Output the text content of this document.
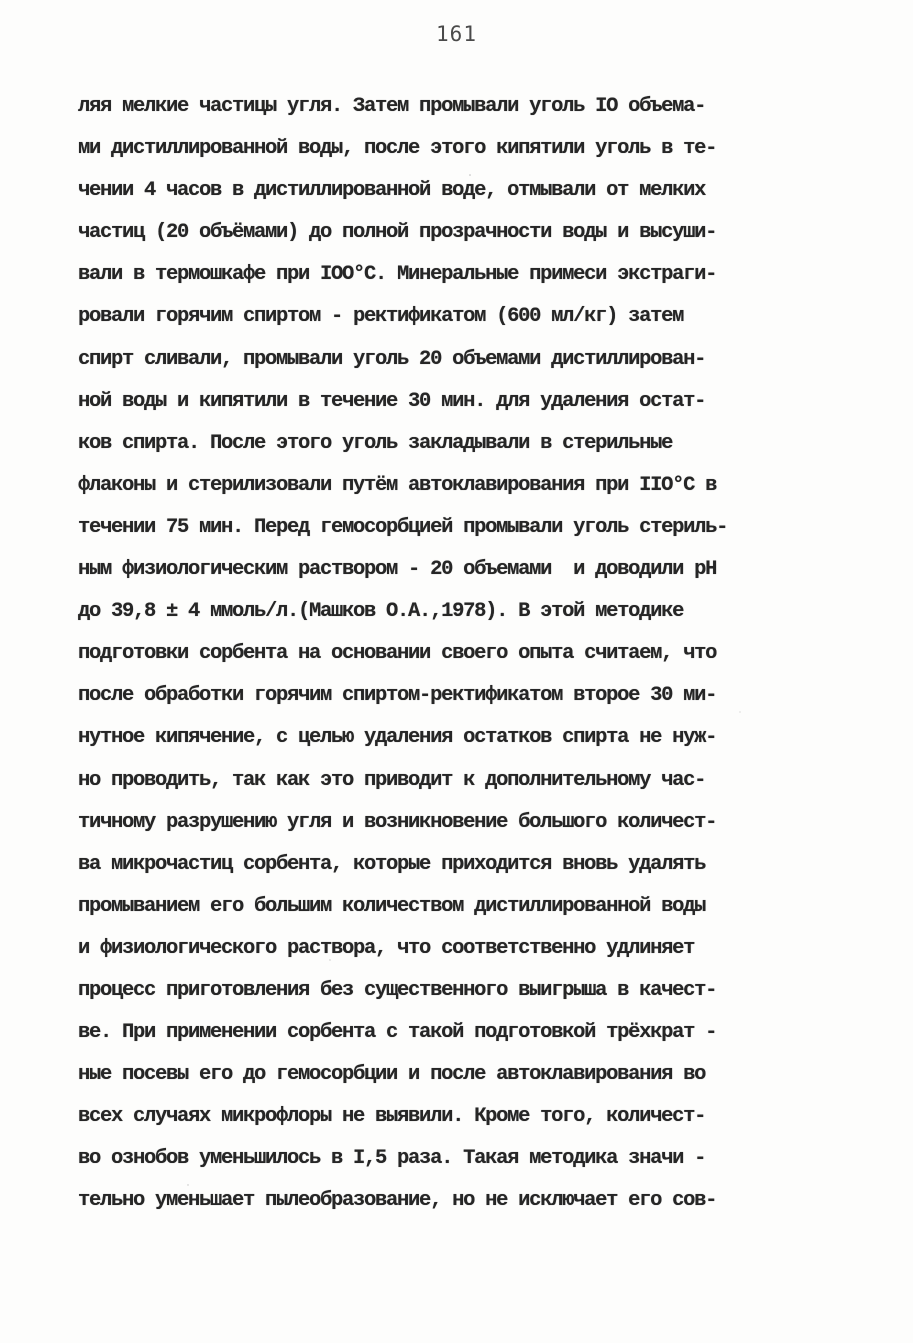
161
ляя мелкие частицы угля. Затем промывали уголь IO объема-
ми дистиллированной воды, после этого кипятили уголь в те-
чении 4 часов в дистиллированной воде, отмывали от мелких
частиц (20 объёмами) до полной прозрачности воды и высуши-
вали в термошкафе при IOO°C. Минеральные примеси экстраги-
ровали горячим спиртом - ректификатом (600 мл/кг) затем
спирт сливали, промывали уголь 20 объемами дистиллирован-
ной воды и кипятили в течение 30 мин. для удаления остат-
ков спирта. После этого уголь закладывали в стерильные
флаконы и стерилизовали путём автоклавирования при IIO°C в
течении 75 мин. Перед гемосорбцией промывали уголь стериль-
ным физиологическим раствором - 20 объемами  и доводили рН
до 39,8 ± 4 ммоль/л.(Машков О.А.,1978). В этой методике
подготовки сорбента на основании своего опыта считаем, что
после обработки горячим спиртом-ректификатом второе 30 ми-
нутное кипячение, с целью удаления остатков спирта не нуж-
но проводить, так как это приводит к дополнительному час-
тичному разрушению угля и возникновение большого количест-
ва микрочастиц сорбента, которые приходится вновь удалять
промыванием его большим количеством дистиллированной воды
и физиологического раствора, что соответственно удлиняет
процесс приготовления без существенного выигрыша в качест-
ве. При применении сорбента с такой подготовкой трёхкрат -
ные посевы его до гемосорбции и после автоклавирования во
всех случаях микрофлоры не выявили. Кроме того, количест-
во ознобов уменьшилось в I,5 раза. Такая методика значи -
тельно уменьшает пылеобразование, но не исключает его сов-
